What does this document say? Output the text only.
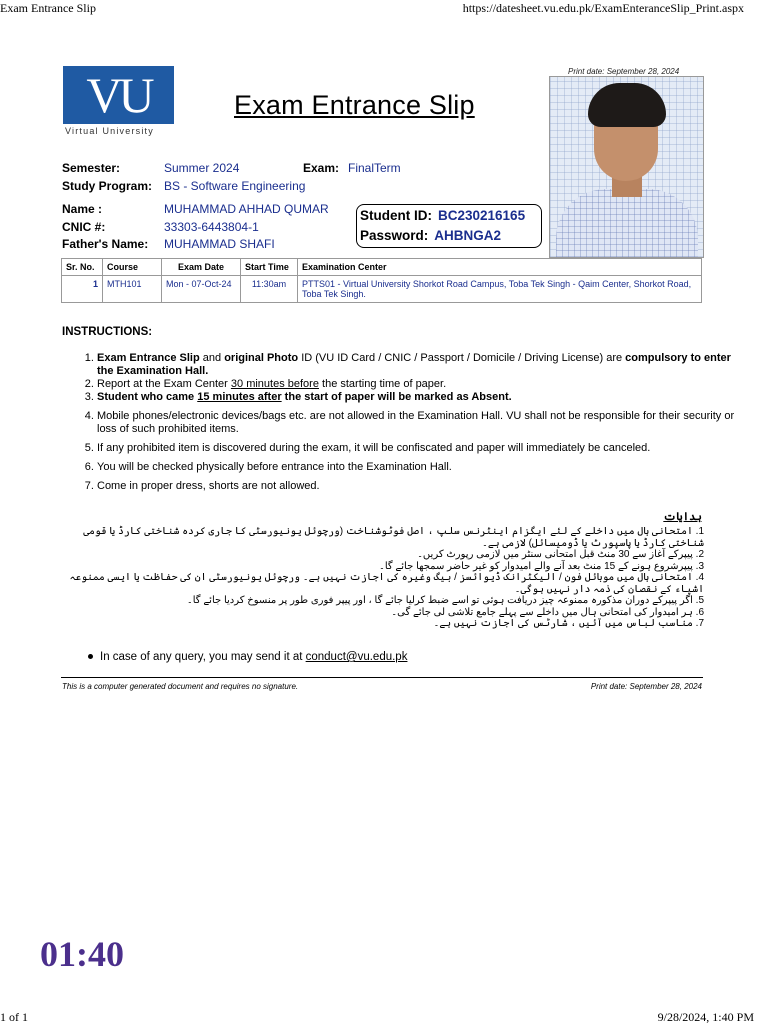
Exam Entrance Slip	https://datesheet.vu.edu.pk/ExamEnteranceSlip_Print.aspx
1 of 1	9/28/2024, 1:40 PM
VU
Virtual University
Exam Entrance Slip
Print date: September 28, 2024
Semester:	Summer 2024	Exam: FinalTerm
Study Program: BS - Software Engineering
Name :	MUHAMMAD AHHAD QUMAR
CNIC #:	33303-6443804-1
Father's Name: MUHAMMAD SHAFI
Student ID: BC230216165
Password: AHBNGA2
Sr. No.	Course	Exam Date	Start Time	Examination Center
1	MTH101	Mon - 07-Oct-24	11:30am	PTTS01 - Virtual University Shorkot Road Campus, Toba Tek Singh - Qaim Center, Shorkot Road, Toba Tek Singh.
INSTRUCTIONS:
1. Exam Entrance Slip and original Photo ID (VU ID Card / CNIC / Passport / Domicile / Driving License) are compulsory to enter the Examination Hall.
2. Report at the Exam Center 30 minutes before the starting time of paper.
3. Student who came 15 minutes after the start of paper will be marked as Absent.
4. Mobile phones/electronic devices/bags etc. are not allowed in the Examination Hall. VU shall not be responsible for their security or loss of such prohibited items.
5. If any prohibited item is discovered during the exam, it will be confiscated and paper will immediately be canceled.
6. You will be checked physically before entrance into the Examination Hall.
7. Come in proper dress, shorts are not allowed.
ہدایات
1. امتحانی ہال میں داخلے کے لئے ایگزام اینٹرنس سلپ ، اصل فوٹوشناخت (ورچوئل یونیورسٹی کا جاری کردہ شناختی کارڈ یا قومی شناختی کارڈ یا پاسپورٹ یا ڈومیسائل) لازمی ہے۔
2. پیپرکے آغاز سے 30 منٹ قبل امتحانی سنٹر میں لازمی رپورٹ کریں۔
3. پیپرشروع ہونے کے 15 منٹ بعد آنے والے امیدوار کو غیر حاضر سمجھا جائے گا۔
4. امتحانی ہال میں موبائل فون / الیکٹرانک ڈیوائسز / بیگ وغیرہ کی اجازت نہیں ہے۔ ورچوئل یونیورسٹی ان کی حفاظت یا ایسی ممنوعہ اشیاء کے نقصان کی ذمہ دار نہیں ہوگی۔
5. اگر پیپرکے دوران مذکورہ ممنوعہ چیز دریافت ہوئی تو اسے ضبط کرلیا جائے گا ، اور پیپر فوری طور پر منسوخ کردیا جائے گا۔
6. ہر امیدوار کی امتحانی ہال میں داخلے سے پہلے جامع تلاشی لی جائے گی۔
7. مناسب لباس میں آئیں ، شارٹس کی اجازت نہیں ہے۔
In case of any query, you may send it at conduct@vu.edu.pk
This is a computer generated document and requires no signature.	Print date: September 28, 2024
01:40
